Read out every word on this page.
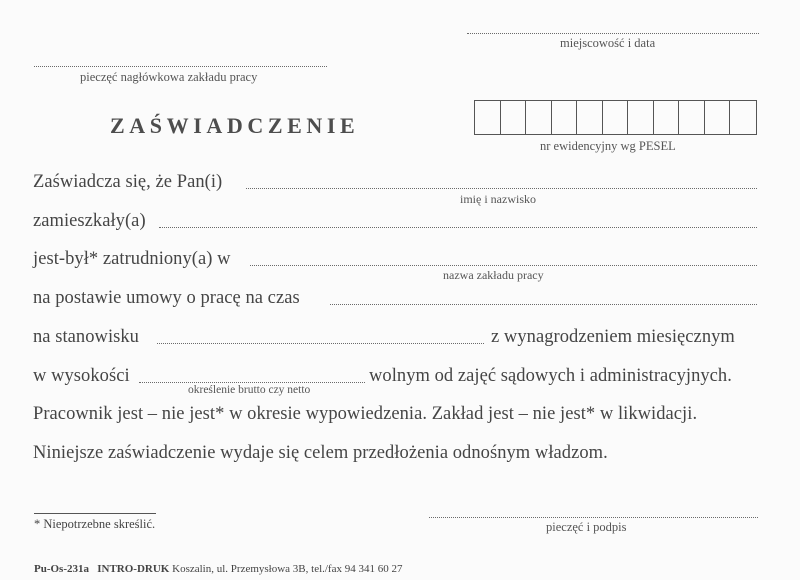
miejscowość i data
pieczęć nagłówkowa zakładu pracy
ZAŚWIADCZENIE
nr ewidencyjny wg PESEL
Zaświadcza się, że Pan(i)
imię i nazwisko
zamieszkały(a)
jest-był* zatrudniony(a) w
nazwa zakładu pracy
na postawie umowy o pracę na czas
na stanowisku	z wynagrodzeniem miesięcznym
w wysokości
określenie brutto czy netto
wolnym od zajęć sądowych i administracyjnych.
Pracownik jest – nie jest* w okresie wypowiedzenia. Zakład jest – nie jest* w likwidacji.
Niniejsze zaświadczenie wydaje się celem przedłożenia odnośnym władzom.
* Niepotrzebne skreślić.	pieczęć i podpis
Pu-Os-231a INTRO-DRUK Koszalin, ul. Przemysłowa 3B, tel./fax 94 341 60 27
